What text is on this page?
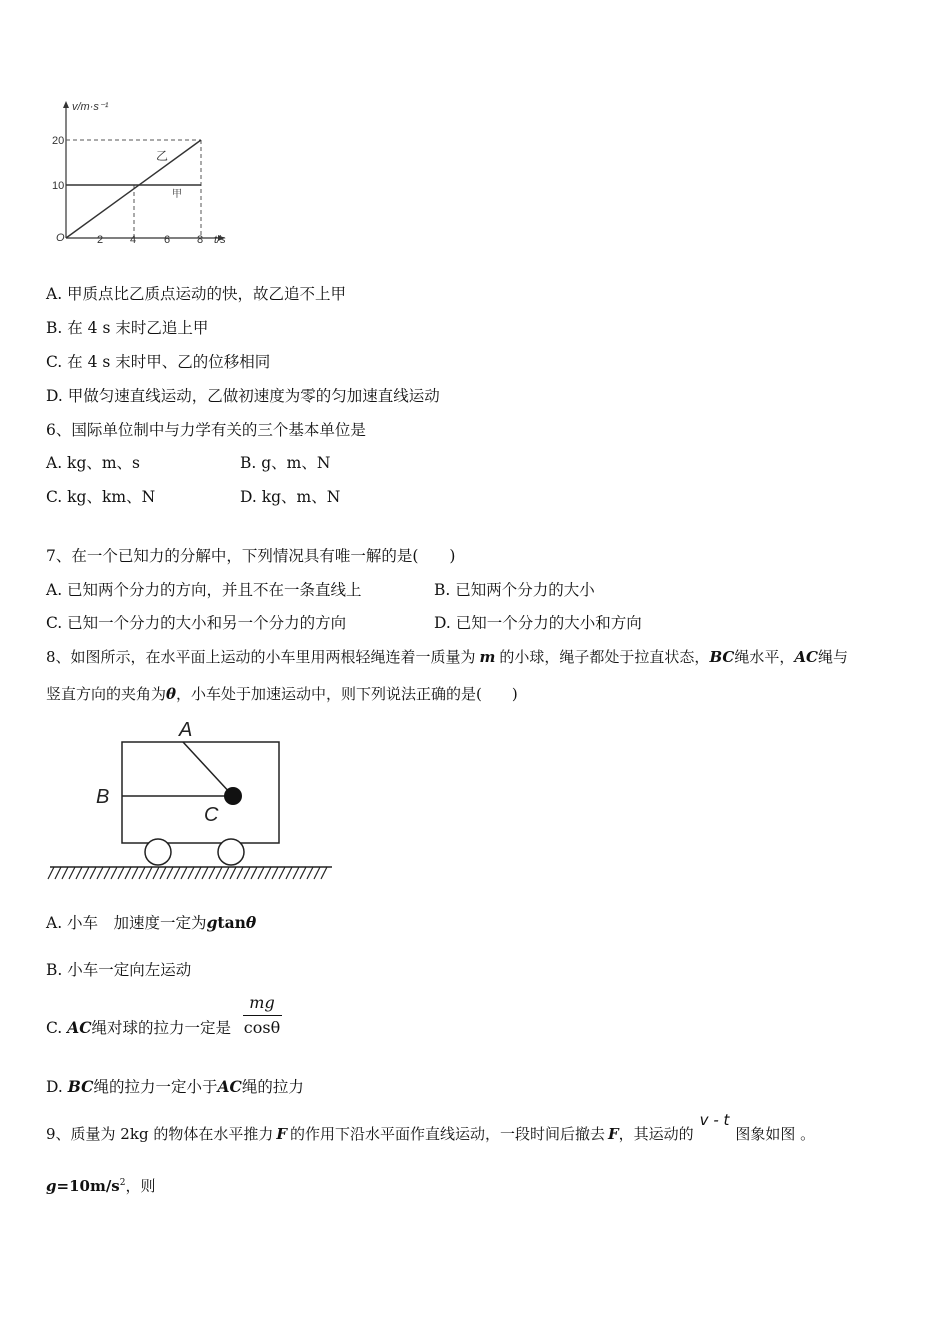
v/m·s⁻¹
20
10
O	2 4	6 8 t/s
乙
甲
A. 甲质点比乙质点运动的快，故乙追不上甲
B. 在 4 s 末时乙追上甲
C. 在 4 s 末时甲、乙的位移相同
D. 甲做匀速直线运动，乙做初速度为零的匀加速直线运动
6、国际单位制中与力学有关的三个基本单位是
A. kg、m、s	B. g、m、N
C. kg、km、N	D. kg、m、N
7、在一个已知力的分解中，下列情况具有唯一解的是(　　)
A. 已知两个分力的方向，并且不在一条直线上	B. 已知两个分力的大小
C. 已知一个分力的大小和另一个分力的方向	D. 已知一个分力的大小和方向
8、如图所示，在水平面上运动的小车里用两根轻绳连着一质量为 m 的小球，绳子都处于拉直状态，BC绳水平，AC绳与
竖直方向的夹角为θ，小车处于加速运动中，则下列说法正确的是(　　)
A
B
C
A. 小车　加速度一定为gtanθ
B. 小车一定向左运动
C. AC绳对球的拉力一定是
mg
cosθ
D. BC绳的拉力一定小于AC绳的拉力
9、质量为 2kg 的物体在水平推力 F 的作用下沿水平面作直线运动，一段时间后撤去 F，其运动的v - t图象如图 。
$g=10m/s^2$，则
